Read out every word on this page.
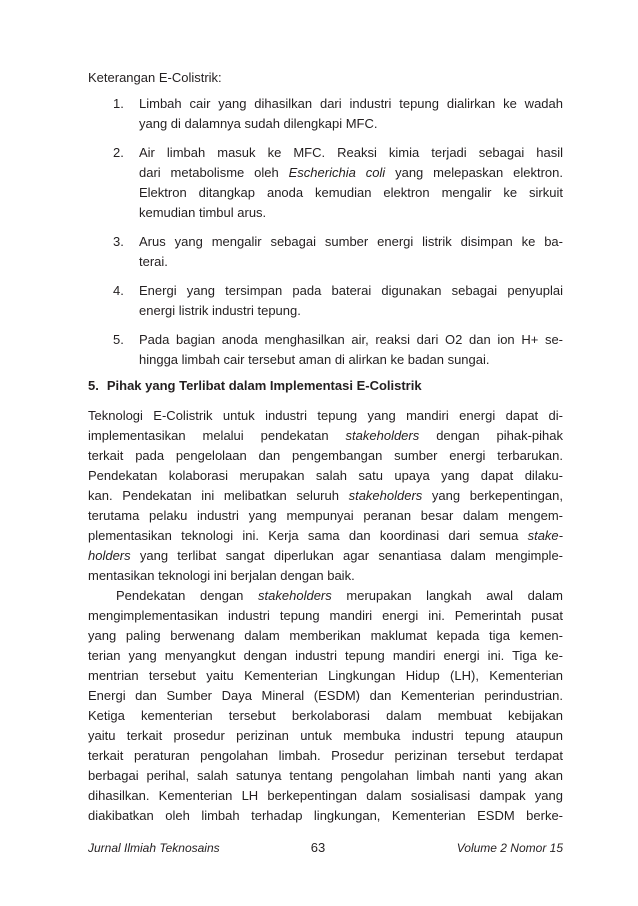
Keterangan E-Colistrik:

1. Limbah cair yang dihasilkan dari industri tepung dialirkan ke wadah
yang di dalamnya sudah dilengkapi MFC.
2. Air limbah masuk ke MFC. Reaksi kimia terjadi sebagai hasil
dari metabolisme oleh Escherichia coli yang melepaskan elektron.
Elektron ditangkap anoda kemudian elektron mengalir ke sirkuit
kemudian timbul arus.
3. Arus yang mengalir sebagai sumber energi listrik disimpan ke ba-
terai.
4. Energi yang tersimpan pada baterai digunakan sebagai penyuplai
energi listrik industri tepung.
5. Pada bagian anoda menghasilkan air, reaksi dari O2 dan ion H+ se-
hingga limbah cair tersebut aman di alirkan ke badan sungai.
5. Pihak yang Terlibat dalam Implementasi E-Colistrik
Teknologi E-Colistrik untuk industri tepung yang mandiri energi dapat di-
implementasikan melalui pendekatan stakeholders dengan pihak-pihak
terkait pada pengelolaan dan pengembangan sumber energi terbarukan.
Pendekatan kolaborasi merupakan salah satu upaya yang dapat dilaku-
kan. Pendekatan ini melibatkan seluruh stakeholders yang berkepentingan,
terutama pelaku industri yang mempunyai peranan besar dalam mengem-
plementasikan teknologi ini. Kerja sama dan koordinasi dari semua stake-
holders yang terlibat sangat diperlukan agar senantiasa dalam mengimple-
mentasikan teknologi ini berjalan dengan baik.
Pendekatan dengan stakeholders merupakan langkah awal dalam
mengimplementasikan industri tepung mandiri energi ini. Pemerintah pusat
yang paling berwenang dalam memberikan maklumat kepada tiga kemen-
terian yang menyangkut dengan industri tepung mandiri energi ini. Tiga ke-
mentrian tersebut yaitu Kementerian Lingkungan Hidup (LH), Kementerian
Energi dan Sumber Daya Mineral (ESDM) dan Kementerian perindustrian.
Ketiga kementerian tersebut berkolaborasi dalam membuat kebijakan
yaitu terkait prosedur perizinan untuk membuka industri tepung ataupun
terkait peraturan pengolahan limbah. Prosedur perizinan tersebut terdapat
berbagai perihal, salah satunya tentang pengolahan limbah nanti yang akan
dihasilkan. Kementerian LH berkepentingan dalam sosialisasi dampak yang
diakibatkan oleh limbah terhadap lingkungan, Kementerian ESDM berke-
Jurnal Ilmiah Teknosains	63	Volume 2 Nomor 15
